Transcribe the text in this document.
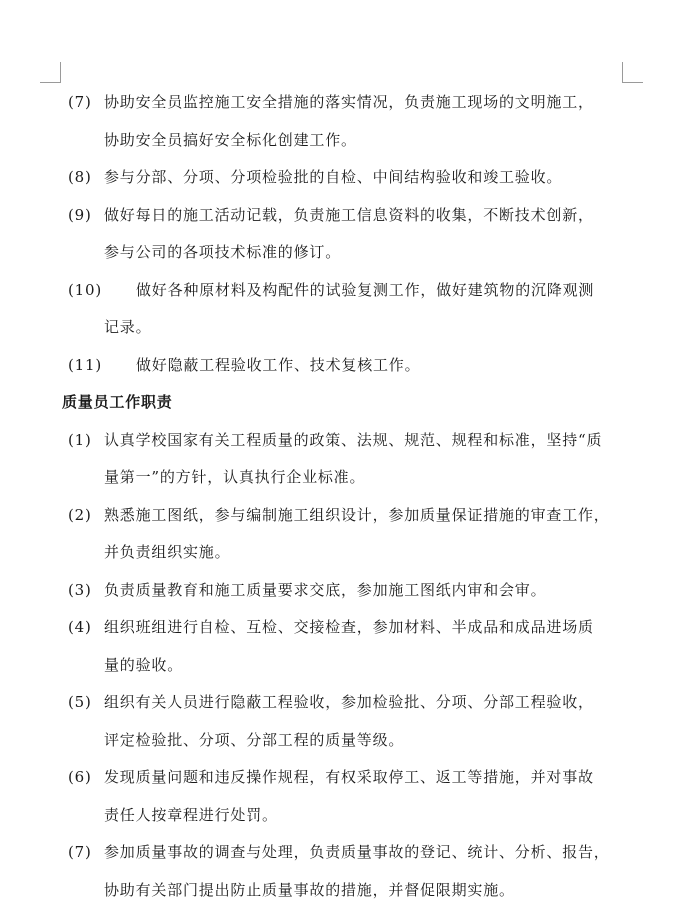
(7) 协助安全员监控施工安全措施的落实情况，负责施工现场的文明施工，
协助安全员搞好安全标化创建工作。
(8) 参与分部、分项、分项检验批的自检、中间结构验收和竣工验收。
(9) 做好每日的施工活动记载，负责施工信息资料的收集，不断技术创新，
参与公司的各项技术标准的修订。
(10)	做好各种原材料及构配件的试验复测工作，做好建筑物的沉降观测
记录。
(11)	做好隐蔽工程验收工作、技术复核工作。
质量员工作职责
(1) 认真学校国家有关工程质量的政策、法规、规范、规程和标准，坚持“质
量第一”的方针，认真执行企业标准。
(2) 熟悉施工图纸，参与编制施工组织设计，参加质量保证措施的审查工作，
并负责组织实施。
(3) 负责质量教育和施工质量要求交底，参加施工图纸内审和会审。
(4) 组织班组进行自检、互检、交接检查，参加材料、半成品和成品进场质
量的验收。
(5) 组织有关人员进行隐蔽工程验收，参加检验批、分项、分部工程验收，
评定检验批、分项、分部工程的质量等级。
(6) 发现质量问题和违反操作规程，有权采取停工、返工等措施，并对事故
责任人按章程进行处罚。
(7) 参加质量事故的调查与处理，负责质量事故的登记、统计、分析、报告，
协助有关部门提出防止质量事故的措施，并督促限期实施。
